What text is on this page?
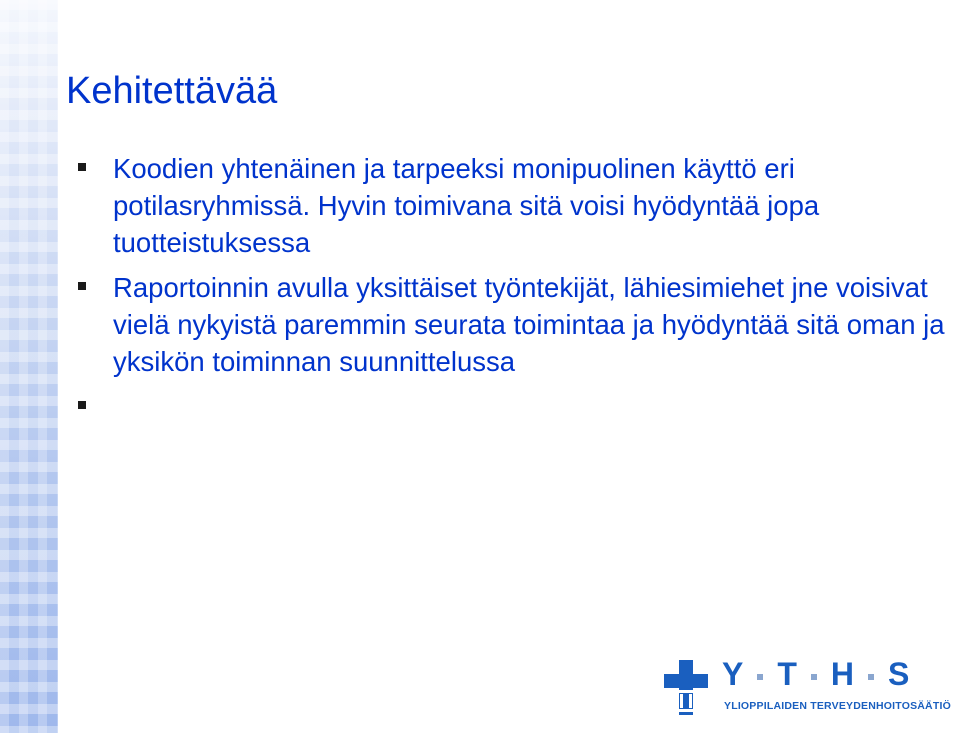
Kehitettävää
Koodien yhtenäinen ja tarpeeksi monipuolinen käyttö eri potilasryhmissä. Hyvin toimivana sitä voisi hyödyntää jopa tuotteistuksessa
Raportoinnin avulla yksittäiset työntekijät, lähiesimiehet jne voisivat vielä nykyistä paremmin seurata toimintaa ja hyödyntää sitä oman ja yksikön toiminnan suunnittelussa
Y T H S
YLIOPPILAIDEN TERVEYDENHOITOSÄÄTIÖ
